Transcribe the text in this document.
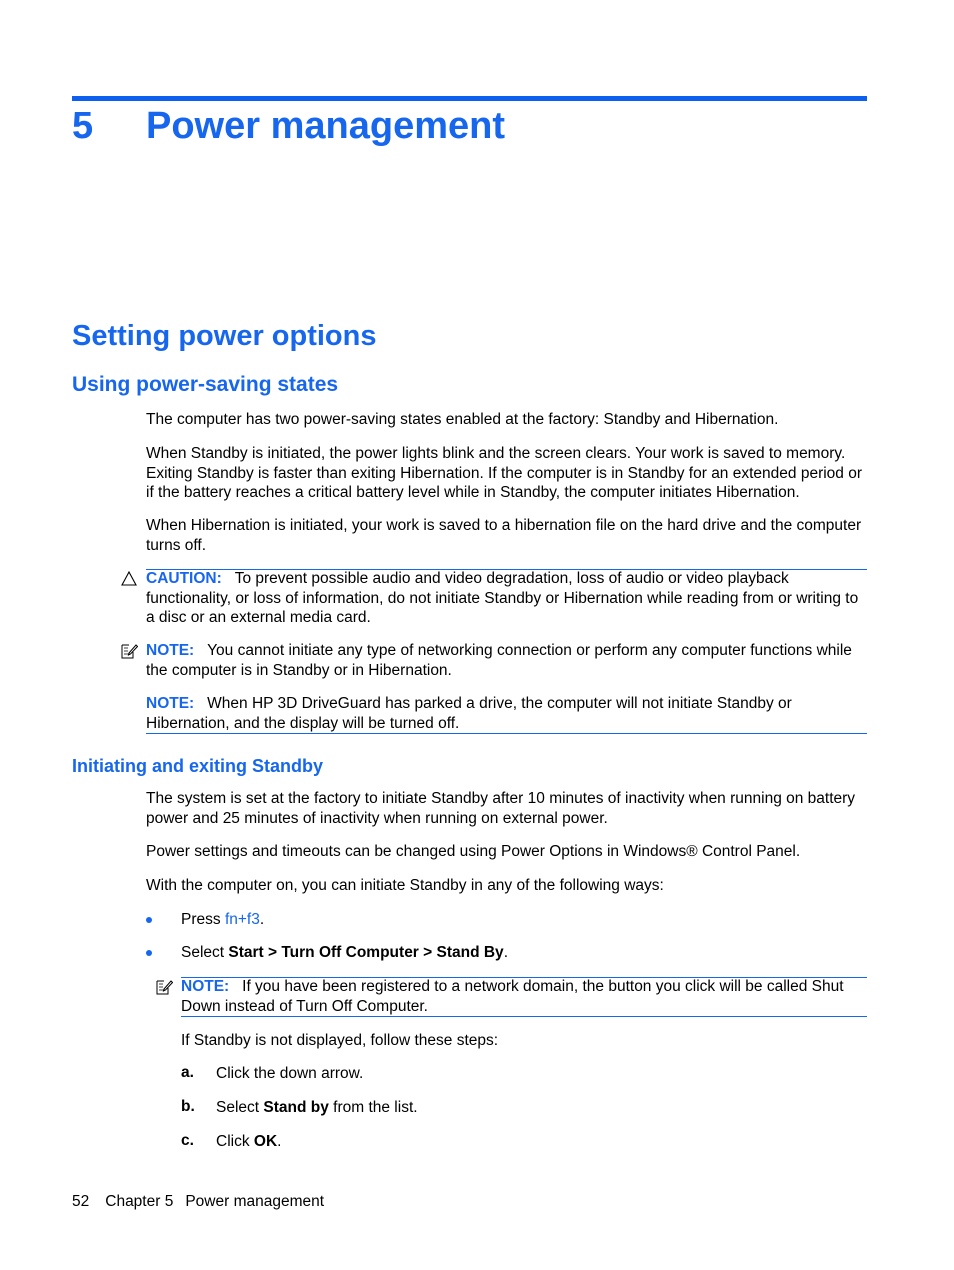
5 Power management
Setting power options
Using power-saving states

The computer has two power-saving states enabled at the factory: Standby and Hibernation.

When Standby is initiated, the power lights blink and the screen clears. Your work is saved to memory. Exiting Standby is faster than exiting Hibernation. If the computer is in Standby for an extended period or if the battery reaches a critical battery level while in Standby, the computer initiates Hibernation.

When Hibernation is initiated, your work is saved to a hibernation file on the hard drive and the computer turns off.

CAUTION: To prevent possible audio and video degradation, loss of audio or video playback functionality, or loss of information, do not initiate Standby or Hibernation while reading from or writing to a disc or an external media card.

NOTE: You cannot initiate any type of networking connection or perform any computer functions while the computer is in Standby or in Hibernation.

NOTE: When HP 3D DriveGuard has parked a drive, the computer will not initiate Standby or Hibernation, and the display will be turned off.

Initiating and exiting Standby

The system is set at the factory to initiate Standby after 10 minutes of inactivity when running on battery power and 25 minutes of inactivity when running on external power.

Power settings and timeouts can be changed using Power Options in Windows® Control Panel.

With the computer on, you can initiate Standby in any of the following ways:

Press fn+f3.

Select Start > Turn Off Computer > Stand By.

NOTE: If you have been registered to a network domain, the button you click will be called Shut Down instead of Turn Off Computer.

If Standby is not displayed, follow these steps:

a. Click the down arrow.

b. Select Stand by from the list.

c. Click OK.

52 Chapter 5 Power management
